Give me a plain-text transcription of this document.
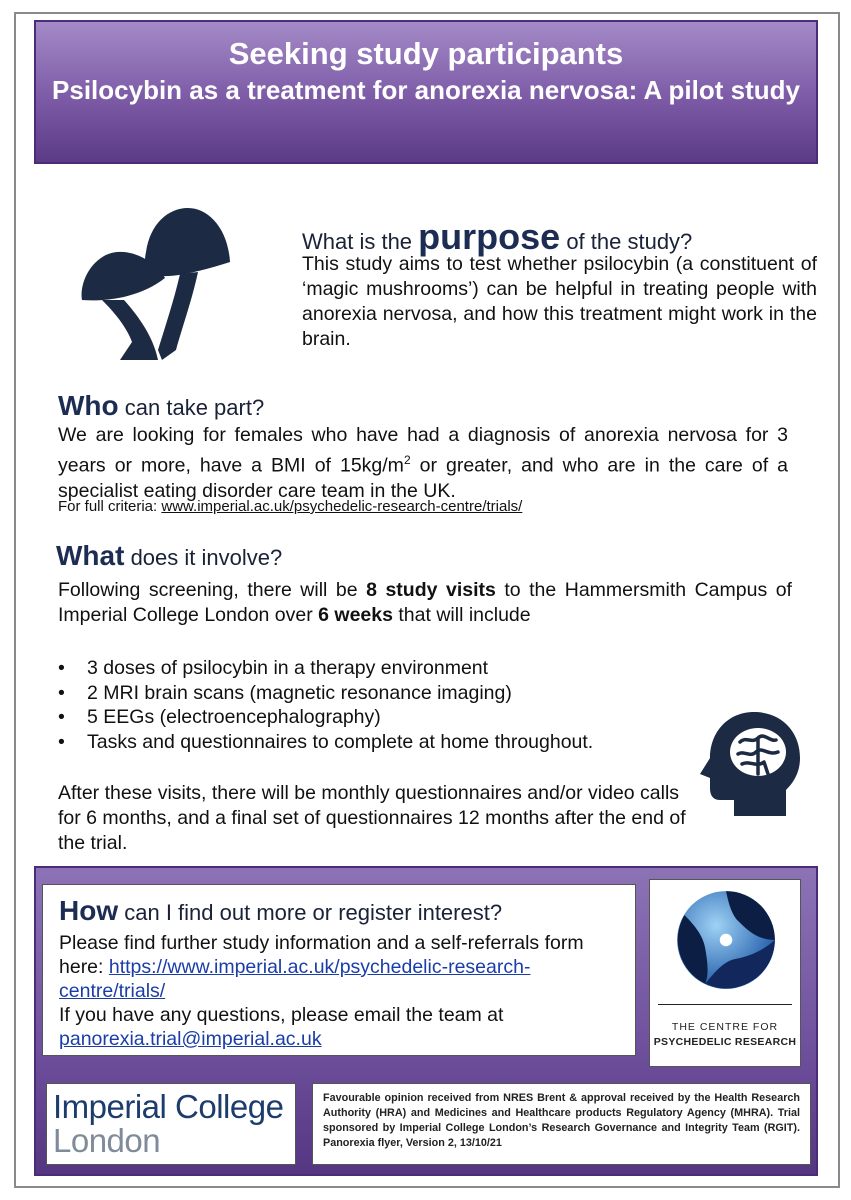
Seeking study participants
Psilocybin as a treatment for anorexia nervosa: A pilot study
What is the purpose of the study?
This study aims to test whether psilocybin (a constituent of ‘magic mushrooms’) can be helpful in treating people with anorexia nervosa, and how this treatment might work in the brain.
Who can take part?
We are looking for females who have had a diagnosis of anorexia nervosa for 3 years or more, have a BMI of $15kg/m^2$ or greater, and who are in the care of a specialist eating disorder care team in the UK.
For full criteria: www.imperial.ac.uk/psychedelic-research-centre/trials/
What does it involve?
Following screening, there will be 8 study visits to the Hammersmith Campus of Imperial College London over 6 weeks that will include
• 3 doses of psilocybin in a therapy environment
• 2 MRI brain scans (magnetic resonance imaging)
• 5 EEGs (electroencephalography)
• Tasks and questionnaires to complete at home throughout.
After these visits, there will be monthly questionnaires and/or video calls for 6 months, and a final set of questionnaires 12 months after the end of the trial.
How can I find out more or register interest?
Please find further study information and a self-referrals form here: https://www.imperial.ac.uk/psychedelic-research-centre/trials/
If you have any questions, please email the team at
panorexia.trial@imperial.ac.uk
THE CENTRE FOR
PSYCHEDELIC RESEARCH
Imperial College
London
Favourable opinion received from NRES Brent & approval received by the Health Research Authority (HRA) and Medicines and Healthcare products Regulatory Agency (MHRA). Trial sponsored by Imperial College London’s Research Governance and Integrity Team (RGIT). Panorexia flyer, Version 2, 13/10/21
